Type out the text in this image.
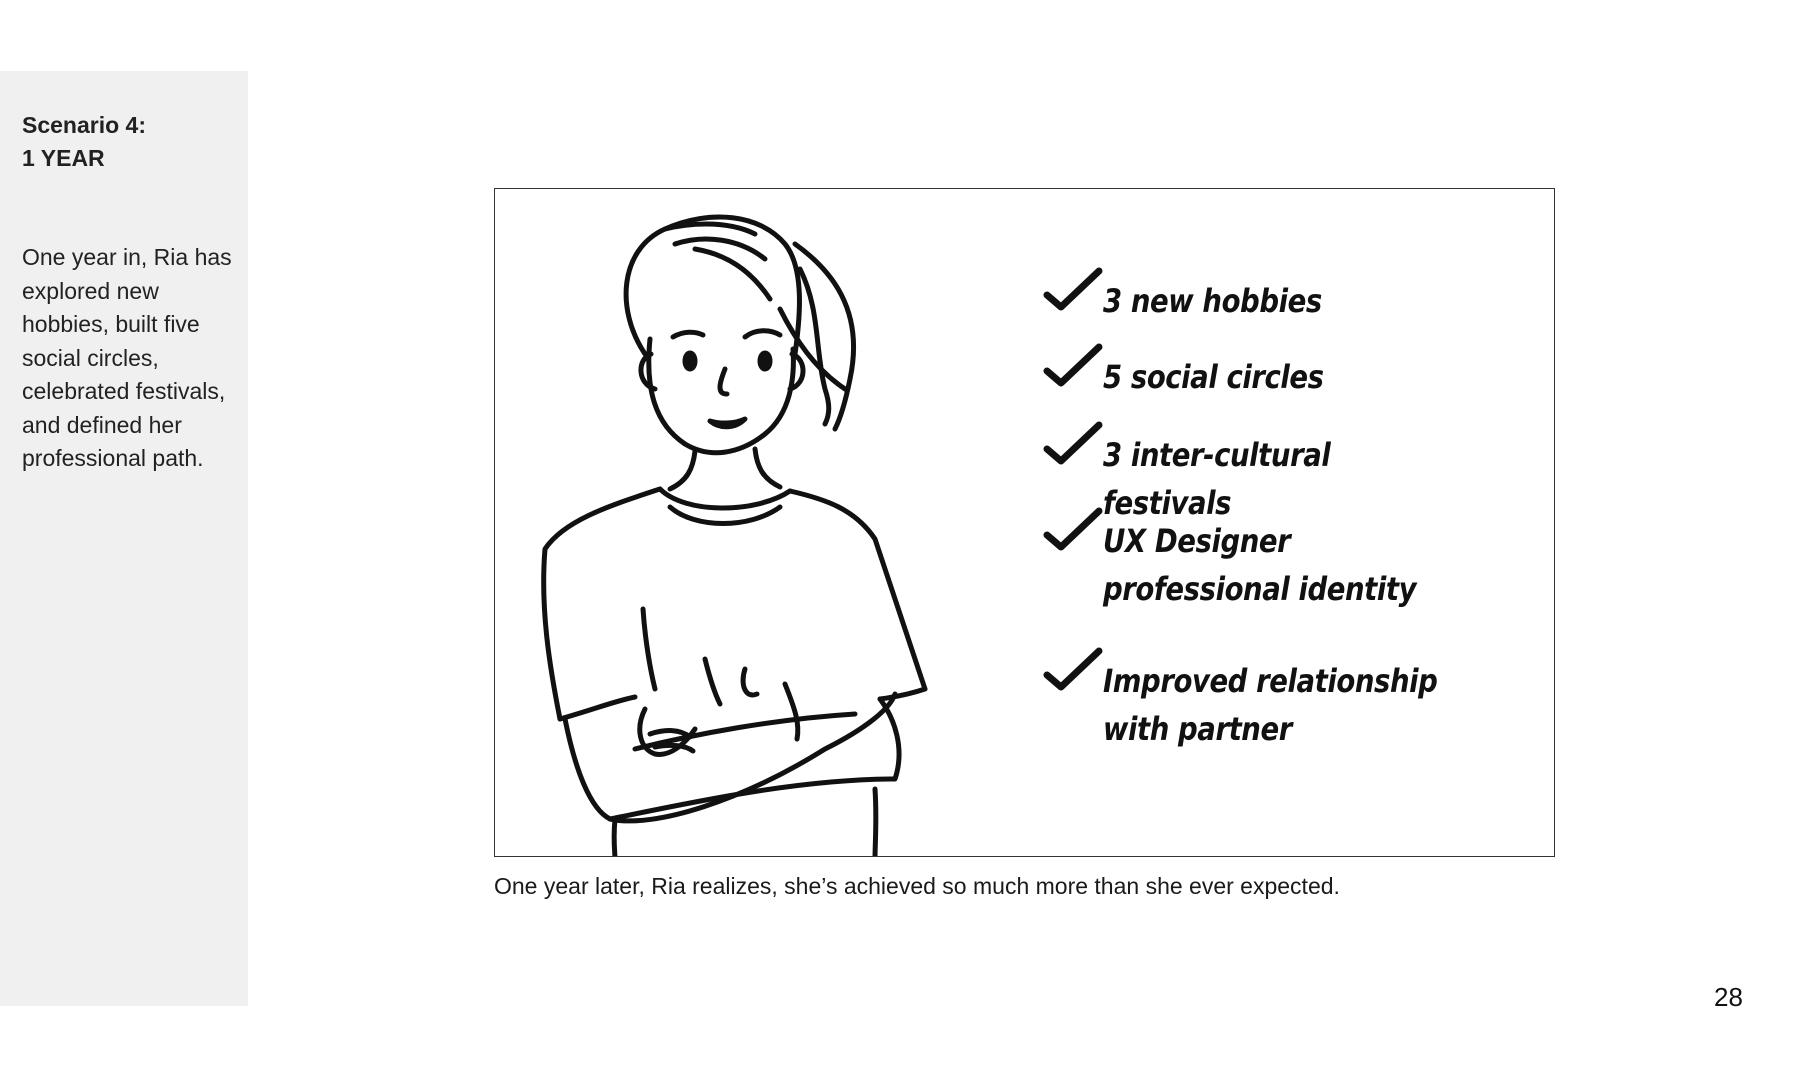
Scenario 4:
1 YEAR
One year in, Ria has explored new hobbies, built five social circles, celebrated festivals, and defined her professional path.
3 new hobbies
5 social circles
3 inter-cultural festivals
UX Designer professional identity
Improved relationship with partner
One year later, Ria realizes, she’s achieved so much more than she ever expected.
28
